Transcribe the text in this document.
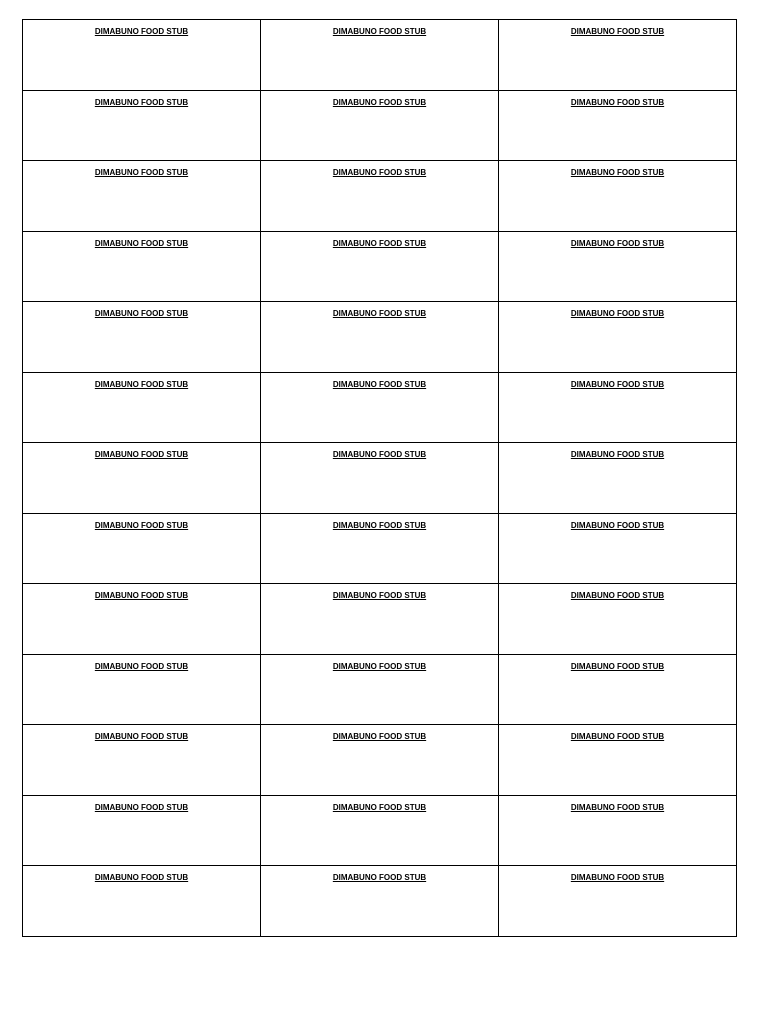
DIMABUNO FOOD STUB	DIMABUNO FOOD STUB	DIMABUNO FOOD STUB
DIMABUNO FOOD STUB	DIMABUNO FOOD STUB	DIMABUNO FOOD STUB
DIMABUNO FOOD STUB	DIMABUNO FOOD STUB	DIMABUNO FOOD STUB
DIMABUNO FOOD STUB	DIMABUNO FOOD STUB	DIMABUNO FOOD STUB
DIMABUNO FOOD STUB	DIMABUNO FOOD STUB	DIMABUNO FOOD STUB
DIMABUNO FOOD STUB	DIMABUNO FOOD STUB	DIMABUNO FOOD STUB
DIMABUNO FOOD STUB	DIMABUNO FOOD STUB	DIMABUNO FOOD STUB
DIMABUNO FOOD STUB	DIMABUNO FOOD STUB	DIMABUNO FOOD STUB
DIMABUNO FOOD STUB	DIMABUNO FOOD STUB	DIMABUNO FOOD STUB
DIMABUNO FOOD STUB	DIMABUNO FOOD STUB	DIMABUNO FOOD STUB
DIMABUNO FOOD STUB	DIMABUNO FOOD STUB	DIMABUNO FOOD STUB
DIMABUNO FOOD STUB	DIMABUNO FOOD STUB	DIMABUNO FOOD STUB
DIMABUNO FOOD STUB	DIMABUNO FOOD STUB	DIMABUNO FOOD STUB
